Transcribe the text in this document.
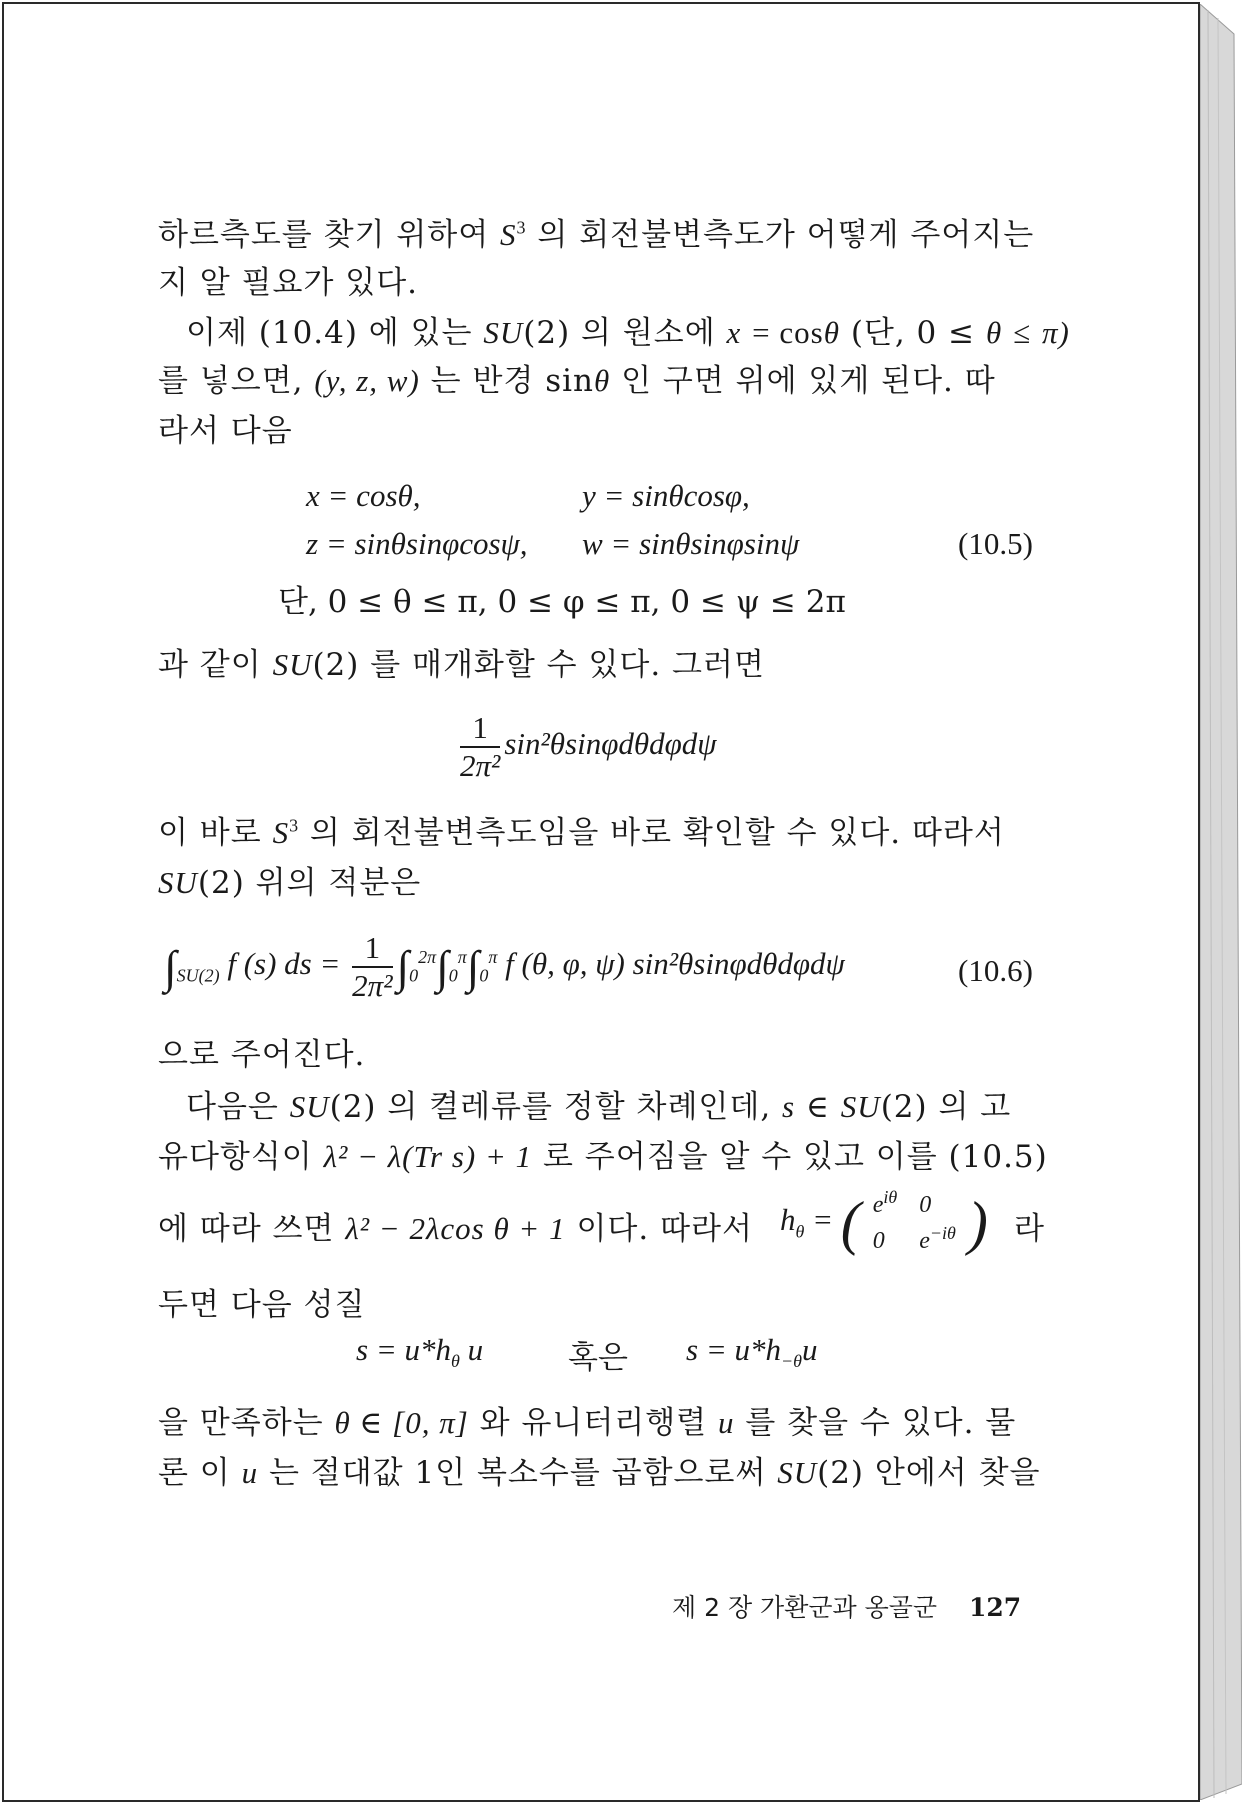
하르측도를 찾기 위하여 $S^3$ 의 회전불변측도가 어떻게 주어지는
지 알 필요가 있다.
이제 (10.4) 에 있는 SU(2) 의 원소에 x = cosθ (단, 0 ≤ θ ≤ π)
를 넣으면, (y, z, w) 는 반경 sinθ 인 구면 위에 있게 된다. 따
라서 다음
x = cosθ,	y = sinθcosφ,
z = sinθsinφcosψ, w = sinθsinφsinψ	(10.5)
단, 0 ≤ θ ≤ π, 0 ≤ φ ≤ π, 0 ≤ ψ ≤ 2π
과 같이 SU(2) 를 매개화할 수 있다. 그러면
$\frac{1}{\text{2π²}} \sin^2\theta\sin\varphi d\theta d\varphi d\psi$
이 바로 $S^3$ 의 회전불변측도임을 바로 확인할 수 있다. 따라서
SU(2) 위의 적분은
$\int_{SU(2)}$ f (s) ds = $\frac{1}{\text{2π²}} \int_0^{2\pi}\int_0^\pi\int_0^\pi$ f (θ, φ, ψ) sin²θsinφdθdφdψ	(10.6)
으로 주어진다.
다음은 SU(2) 의 켤레류를 정할 차례인데, s ∈ SU(2) 의 고
유다항식이 λ² − λ(Tr s) + 1 로 주어짐을 알 수 있고 이를 (10.5)
에 따라 쓰면 λ² − 2λcos θ + 1 이다. 따라서 $h_\theta$ = ( $e^{i\theta}$	0
0	$e^{-i\theta}$ ) 라
두면 다음 성질
$s = u*h_\theta$ u	혹은 $s = u*h_{-\theta}u$
을 만족하는 θ ∈ [0, π] 와 유니터리행렬 u 를 찾을 수 있다. 물
론 이 u 는 절대값 1인 복소수를 곱함으로써 SU(2) 안에서 찾을
제 2 장 가환군과 옹골군 127
